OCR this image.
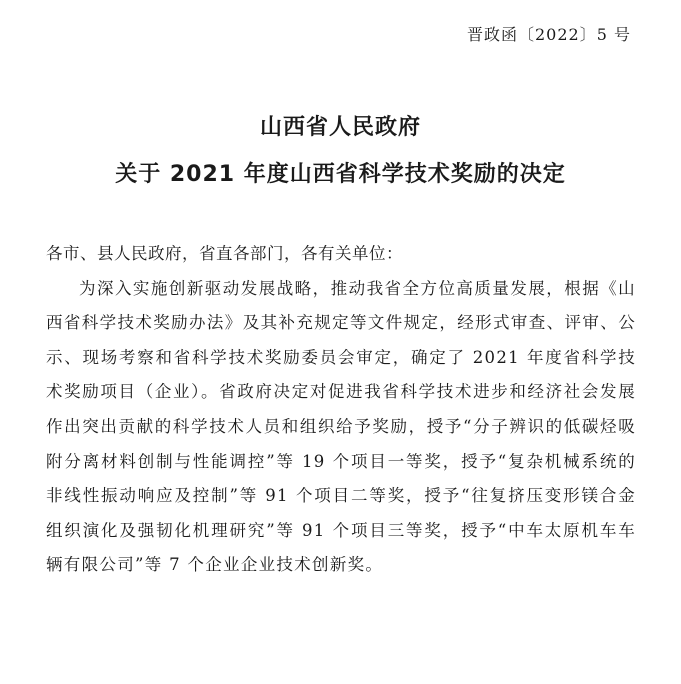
晋政函〔2022〕5 号
山西省人民政府
关于 2021 年度山西省科学技术奖励的决定

各市、县人民政府，省直各部门，各有关单位：

为深入实施创新驱动发展战略，推动我省全方位高质量发展，根据《山西省科学技术奖励办法》及其补充规定等文件规定，经形式审查、评审、公示、现场考察和省科学技术奖励委员会审定，确定了 2021 年度省科学技术奖励项目（企业）。省政府决定对促进我省科学技术进步和经济社会发展作出突出贡献的科学技术人员和组织给予奖励，授予“分子辨识的低碳烃吸附分离材料创制与性能调控”等 19 个项目一等奖，授予“复杂机械系统的非线性振动响应及控制”等 91 个项目二等奖，授予“往复挤压变形镁合金组织演化及强韧化机理研究”等 91 个项目三等奖，授予“中车太原机车车辆有限公司”等 7 个企业企业技术创新奖。
